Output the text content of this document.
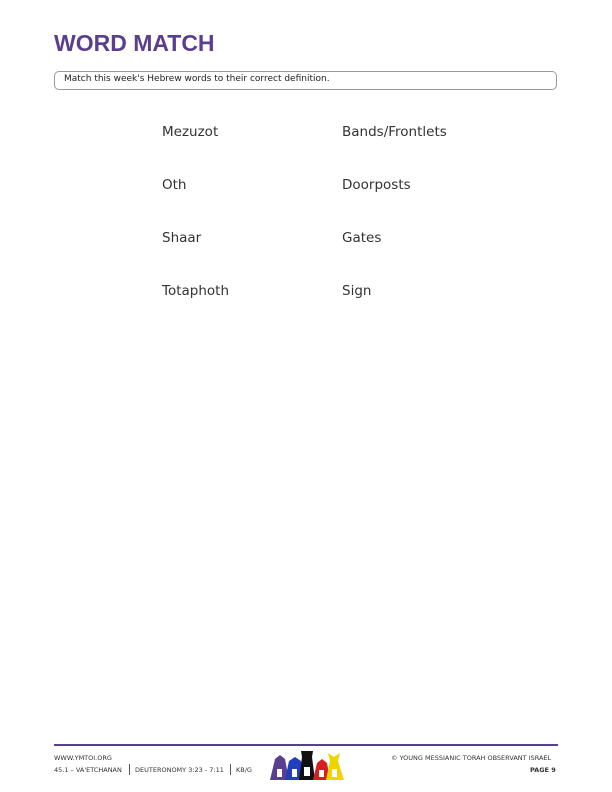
WORD MATCH
Match this week's Hebrew words to their correct definition.
Mezuzot
Oth
Shaar
Totaphoth
Bands/Frontlets
Doorposts
Gates
Sign
WWW.YMTOI.ORG
45.1 – VA'ETCHANAN DEUTERONOMY 3:23 - 7:11 KB/G
© YOUNG MESSIANIC TORAH OBSERVANT ISRAEL
PAGE 9
